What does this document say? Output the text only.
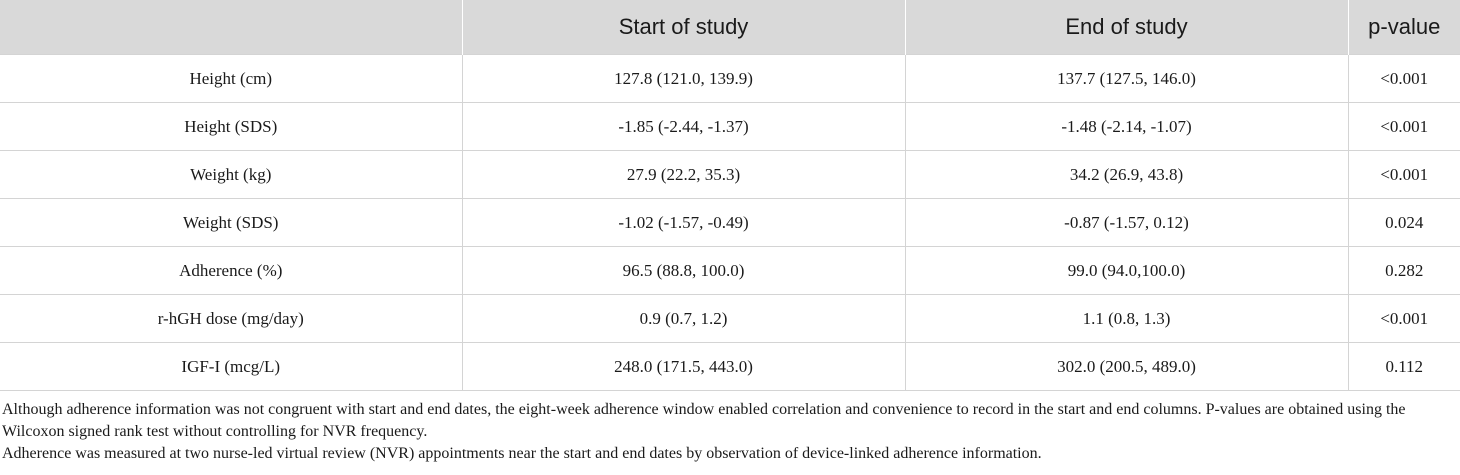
	Start of study	End of study	p-value
Height (cm)	127.8 (121.0, 139.9)	137.7 (127.5, 146.0)	<0.001
Height (SDS)	-1.85 (-2.44, -1.37)	-1.48 (-2.14, -1.07)	<0.001
Weight (kg)	27.9 (22.2, 35.3)	34.2 (26.9, 43.8)	<0.001
Weight (SDS)	-1.02 (-1.57, -0.49)	-0.87 (-1.57, 0.12)	0.024
Adherence (%)	96.5 (88.8, 100.0)	99.0 (94.0,100.0)	0.282
r-hGH dose (mg/day)	0.9 (0.7, 1.2)	1.1 (0.8, 1.3)	<0.001
IGF-I (mcg/L)	248.0 (171.5, 443.0)	302.0 (200.5, 489.0)	0.112

Although adherence information was not congruent with start and end dates, the eight-week adherence window enabled correlation and convenience to record in the start and end columns. P-values are obtained using the Wilcoxon signed rank test without controlling for NVR frequency.

Adherence was measured at two nurse-led virtual review (NVR) appointments near the start and end dates by observation of device-linked adherence information.
